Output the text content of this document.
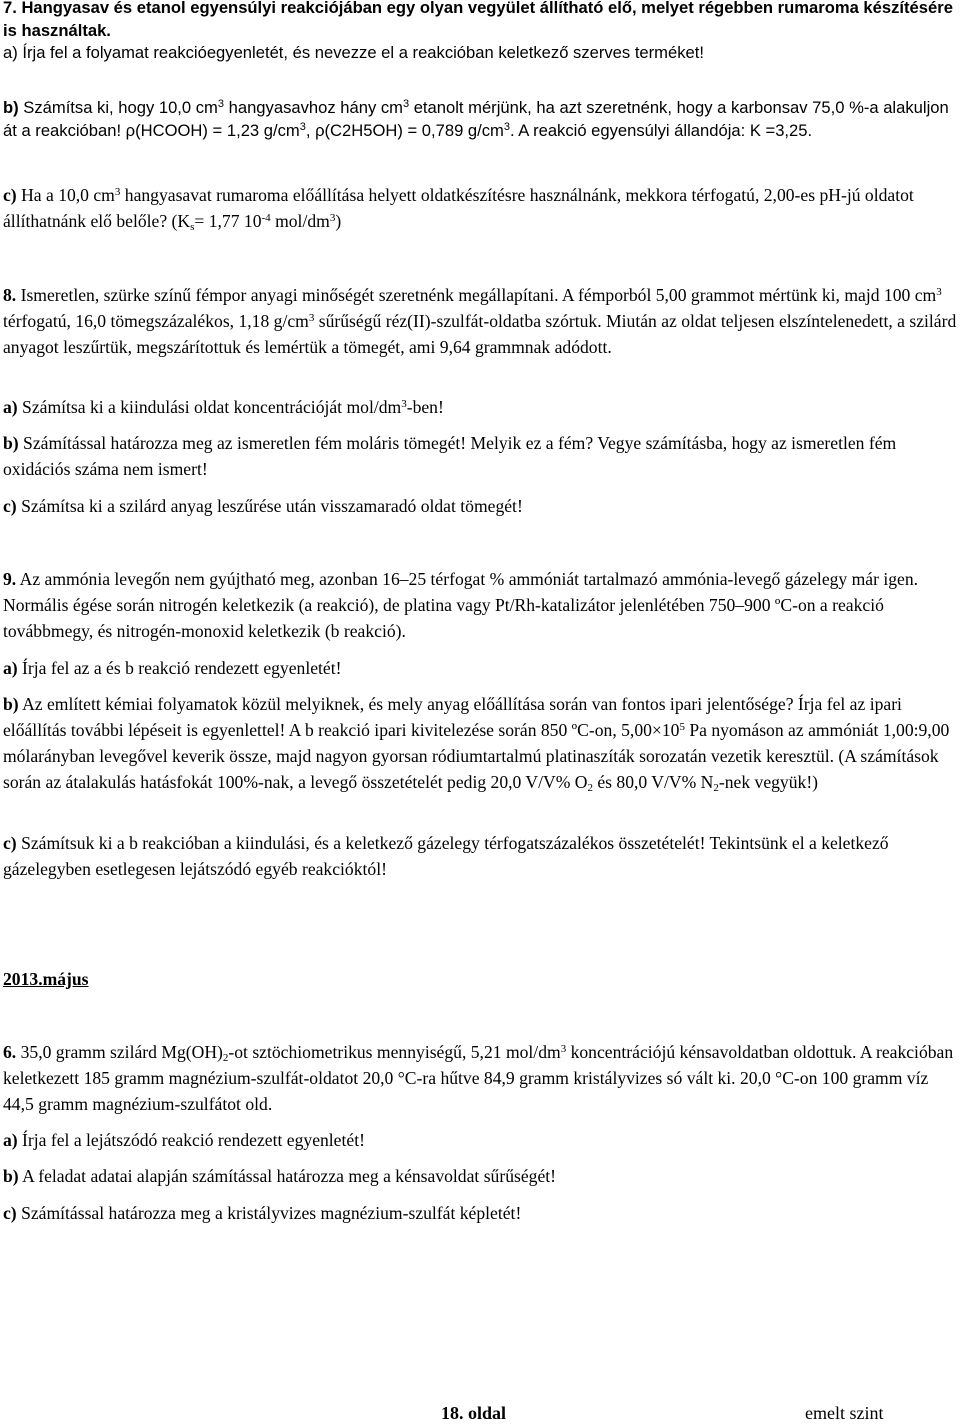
7. Hangyasav és etanol egyensúlyi reakciójában egy olyan vegyület állítható elő, melyet régebben rumaroma készítésére is használtak.

a) Írja fel a folyamat reakcióegyenletét, és nevezze el a reakcióban keletkező szerves terméket!

b) Számítsa ki, hogy 10,0 $cm^3$ hangyasavhoz hány $cm^3$ etanolt mérjünk, ha azt szeretnénk, hogy a karbonsav 75,0 %-a alakuljon át a reakcióban! ρ(HCOOH) = 1,23 $g/cm^3$, ρ(C2H5OH) = 0,789 $g/cm^3$. A reakció egyensúlyi állandója: K =3,25.

c) Ha a 10,0 $cm^3$ hangyasavat rumaroma előállítása helyett oldatkészítésre használnánk, mekkora térfogatú, 2,00-es pH-jú oldatot állíthatnánk elő belőle? ($K_s= 1,77$ $10^{-4}$ mol/$dm^3$)

8. Ismeretlen, szürke színű fémpor anyagi minőségét szeretnénk megállapítani. A fémporból 5,00 grammot mértünk ki, majd 100 $cm^3$ térfogatú, 16,0 tömegszázalékos, 1,18 $g/cm^3$ sűrűségű réz(II)-szulfát-oldatba szórtuk. Miután az oldat teljesen elszíntelenedett, a szilárd anyagot leszűrtük, megszárítottuk és lemértük a tömegét, ami 9,64 grammnak adódott.

a) Számítsa ki a kiindulási oldat koncentrációját mol/$dm^3$-ben!

b) Számítással határozza meg az ismeretlen fém moláris tömegét! Melyik ez a fém? Vegye számításba, hogy az ismeretlen fém oxidációs száma nem ismert!

c) Számítsa ki a szilárd anyag leszűrése után visszamaradó oldat tömegét!

9. Az ammónia levegőn nem gyújtható meg, azonban 16–25 térfogat % ammóniát tartalmazó ammónia-levegő gázelegy már igen. Normális égése során nitrogén keletkezik (a reakció), de platina vagy Pt/Rh-katalizátor jelenlétében 750–900 ºC-on a reakció továbbmegy, és nitrogén-monoxid keletkezik (b reakció).

a) Írja fel az a és b reakció rendezett egyenletét!

b) Az említett kémiai folyamatok közül melyiknek, és mely anyag előállítása során van fontos ipari jelentősége? Írja fel az ipari előállítás további lépéseit is egyenlettel! A b reakció ipari kivitelezése során 850 ºC-on, $5,00\times 10^5$ Pa nyomáson az ammóniát 1,00:9,00 mólarányban levegővel keverik össze, majd nagyon gyorsan ródiumtartalmú platinaszíták sorozatán vezetik keresztül. (A számítások során az átalakulás hatásfokát 100%-nak, a levegő összetételét pedig 20,0 V/V% $O_2$ és 80,0 V/V% $N_2$-nek vegyük!)

c) Számítsuk ki a b reakcióban a kiindulási, és a keletkező gázelegy térfogatszázalékos összetételét! Tekintsünk el a keletkező gázelegyben esetlegesen lejátszódó egyéb reakcióktól!

2013.május

6. 35,0 gramm szilárd $Mg(OH)_2-ot$ sztöchiometrikus mennyiségű, 5,21 mol/$dm^3$ koncentrációjú kénsavoldatban oldottuk. A reakcióban keletkezett 185 gramm magnézium-szulfát-oldatot 20,0 °C-ra hűtve 84,9 gramm kristályvizes só vált ki. 20,0 °C-on 100 gramm víz 44,5 gramm magnézium-szulfátot old.

a) Írja fel a lejátszódó reakció rendezett egyenletét!

b) A feladat adatai alapján számítással határozza meg a kénsavoldat sűrűségét!

c) Számítással határozza meg a kristályvizes magnézium-szulfát képletét!

18. oldal	emelt szint
